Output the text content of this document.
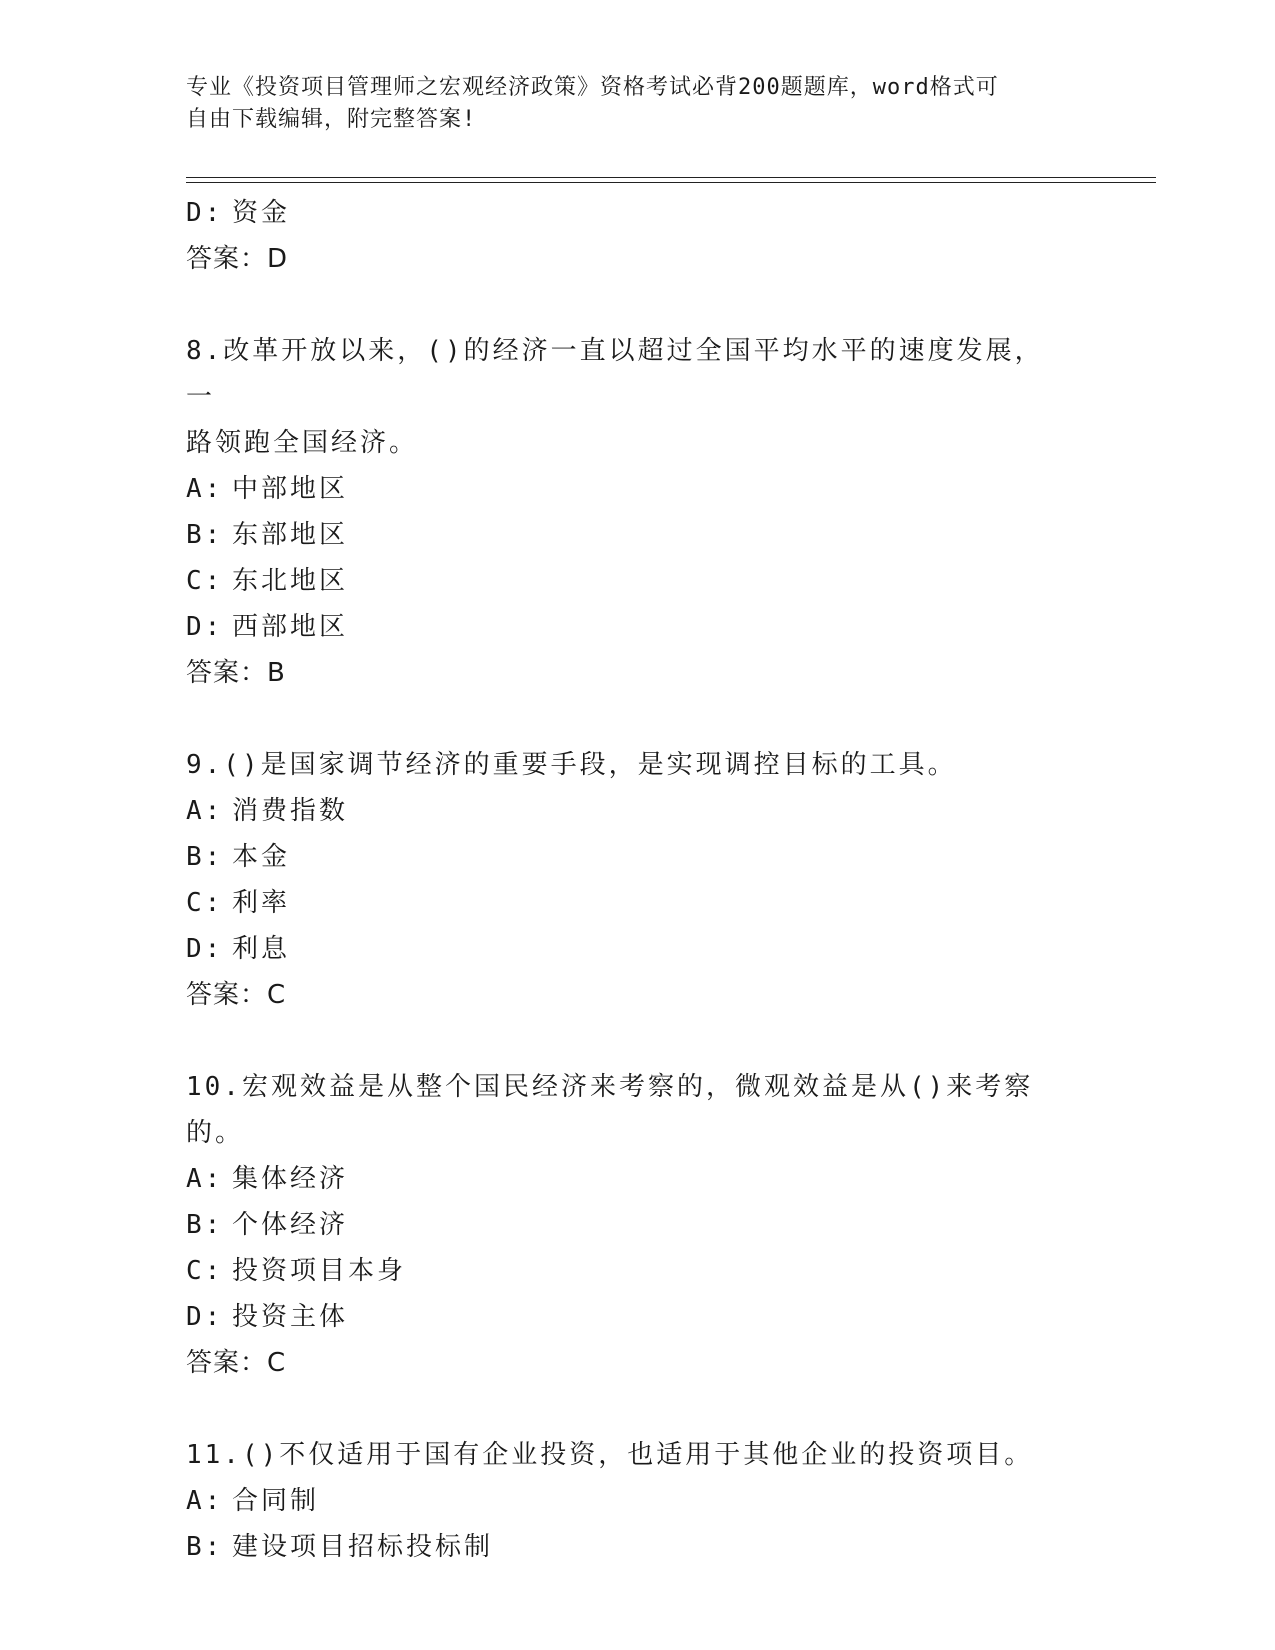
专业《投资项目管理师之宏观经济政策》资格考试必背200题题库，word格式可
自由下载编辑，附完整答案!
D: 资金
答案：D
8.改革开放以来，()的经济一直以超过全国平均水平的速度发展，一
路领跑全国经济。
A: 中部地区
B: 东部地区
C: 东北地区
D: 西部地区
答案：B
9.()是国家调节经济的重要手段，是实现调控目标的工具。
A: 消费指数
B: 本金
C: 利率
D: 利息
答案：C
10.宏观效益是从整个国民经济来考察的，微观效益是从()来考察的。
A: 集体经济
B: 个体经济
C: 投资项目本身
D: 投资主体
答案：C
11.()不仅适用于国有企业投资，也适用于其他企业的投资项目。
A: 合同制
B: 建设项目招标投标制
